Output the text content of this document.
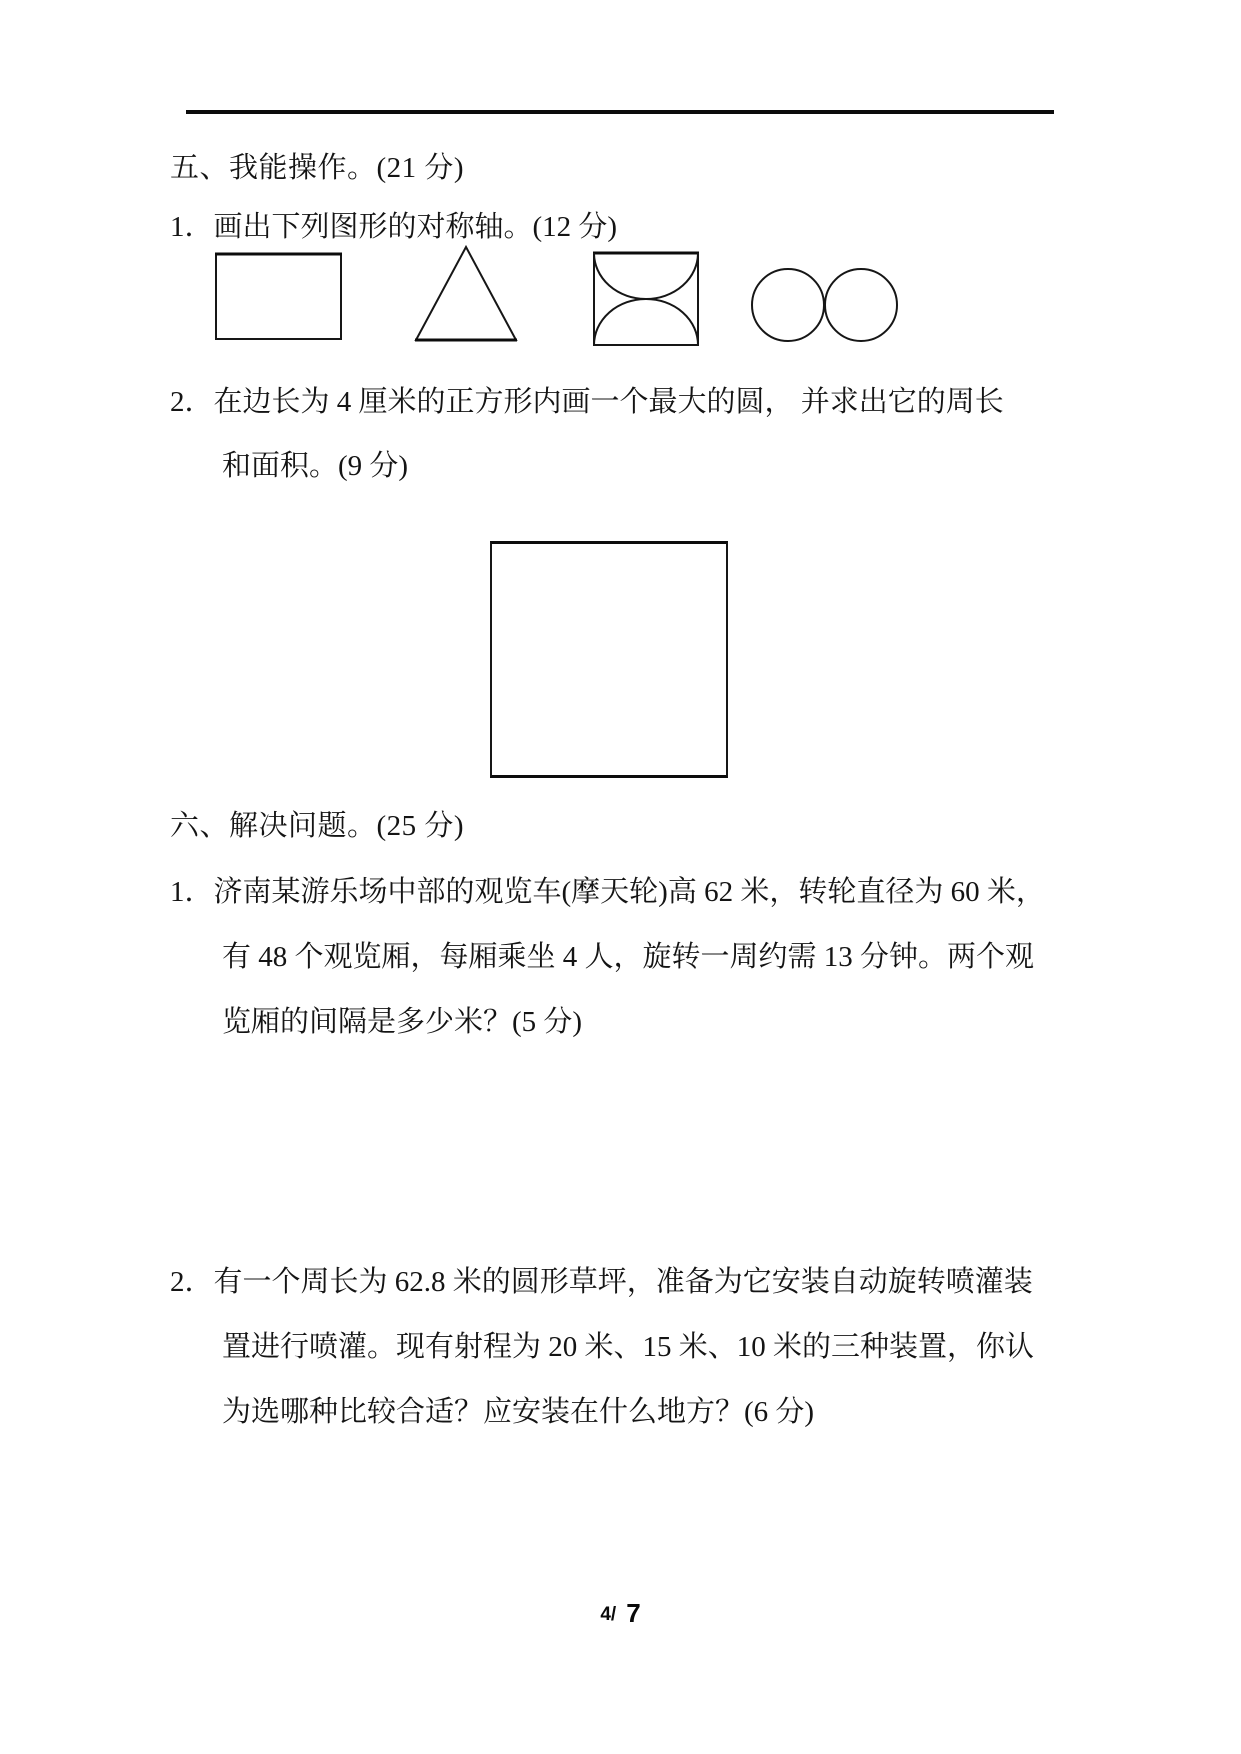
五、我能操作。(21 分)
1．画出下列图形的对称轴。(12 分)
2．在边长为 4 厘米的正方形内画一个最大的圆， 并求出它的周长
和面积。(9 分)
六、解决问题。(25 分)
1．济南某游乐场中部的观览车(摩天轮)高 62 米，转轮直径为 60 米，
有 48 个观览厢，每厢乘坐 4 人，旋转一周约需 13 分钟。两个观
览厢的间隔是多少米？(5 分)
2．有一个周长为 62.8 米的圆形草坪，准备为它安装自动旋转喷灌装
置进行喷灌。现有射程为 20 米、15 米、10 米的三种装置，你认
为选哪种比较合适？应安装在什么地方？(6 分)
4/ 7
